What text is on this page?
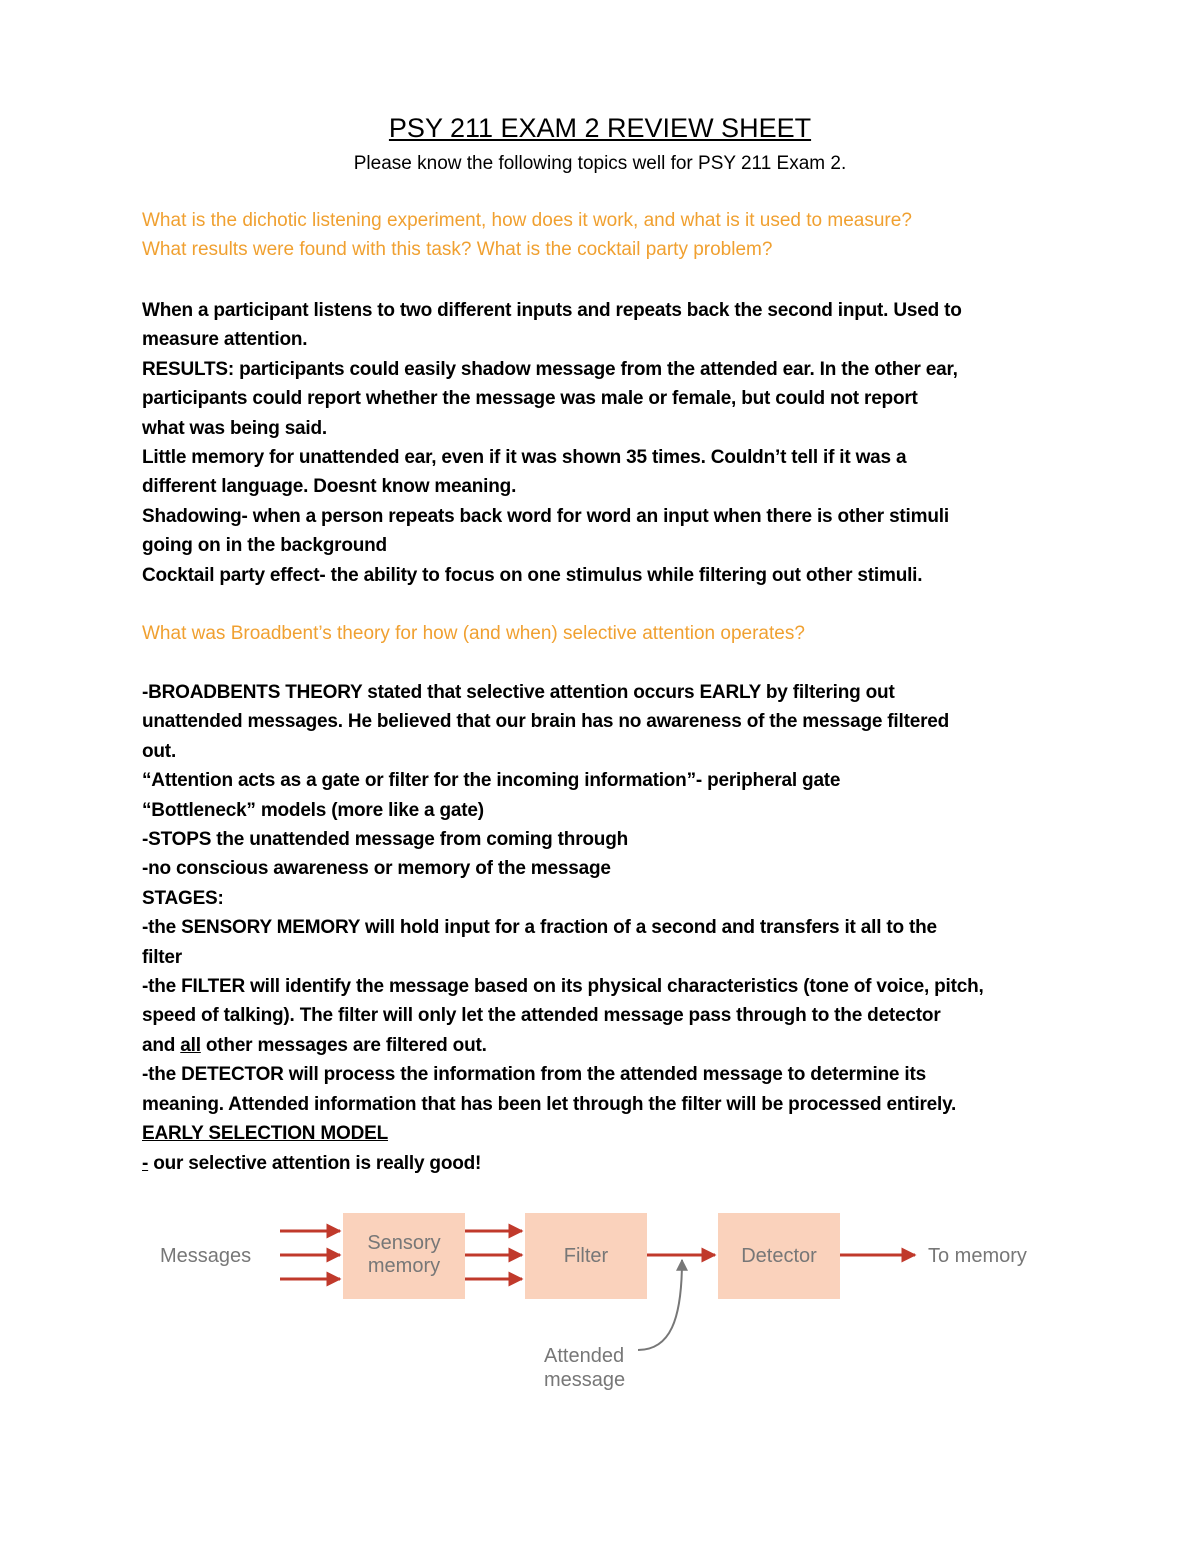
PSY 211 EXAM 2 REVIEW SHEET
Please know the following topics well for PSY 211 Exam 2.
What is the dichotic listening experiment, how does it work, and what is it used to measure?
What results were found with this task? What is the cocktail party problem?
When a participant listens to two different inputs and repeats back the second input. Used to
measure attention.
RESULTS: participants could easily shadow message from the attended ear. In the other ear,
participants could report whether the message was male or female, but could not report
what was being said.
Little memory for unattended ear, even if it was shown 35 times. Couldn’t tell if it was a
different language. Doesnt know meaning.
Shadowing- when a person repeats back word for word an input when there is other stimuli
going on in the background
Cocktail party effect- the ability to focus on one stimulus while filtering out other stimuli.
What was Broadbent’s theory for how (and when) selective attention operates?
-BROADBENTS THEORY stated that selective attention occurs EARLY by filtering out
unattended messages. He believed that our brain has no awareness of the message filtered
out.
“Attention acts as a gate or filter for the incoming information”- peripheral gate
“Bottleneck” models (more like a gate)
-STOPS the unattended message from coming through
-no conscious awareness or memory of the message
STAGES:
-the SENSORY MEMORY will hold input for a fraction of a second and transfers it all to the
filter
-the FILTER will identify the message based on its physical characteristics (tone of voice, pitch,
speed of talking). The filter will only let the attended message pass through to the detector
and all other messages are filtered out.
-the DETECTOR will process the information from the attended message to determine its
meaning. Attended information that has been let through the filter will be processed entirely.
EARLY SELECTION MODEL
- our selective attention is really good!
Messages
Sensory
memory	Filter	Detector	To memory
Attended
message
